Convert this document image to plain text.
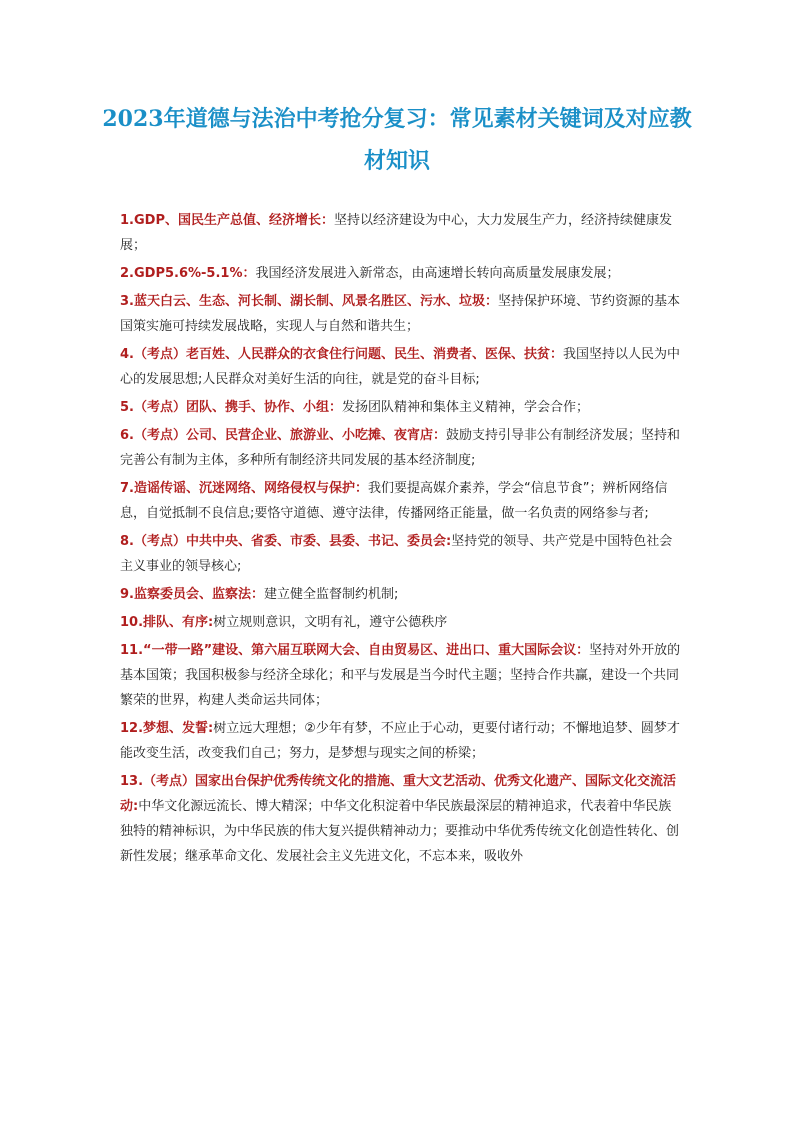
2023年道德与法治中考抢分复习：常见素材关键词及对应教材知识
1.GDP、国民生产总值、经济增长：坚持以经济建设为中心，大力发展生产力，经济持续健康发展；
2.GDP5.6%-5.1%：我国经济发展进入新常态，由高速增长转向高质量发展康发展；
3.蓝天白云、生态、河长制、湖长制、风景名胜区、污水、垃圾：坚持保护环境、节约资源的基本国策实施可持续发展战略，实现人与自然和谐共生；
4.（考点）老百姓、人民群众的衣食住行问题、民生、消费者、医保、扶贫：我国坚持以人民为中心的发展思想;人民群众对美好生活的向往，就是党的奋斗目标;
5.（考点）团队、携手、协作、小组：发扬团队精神和集体主义精神，学会合作；
6.（考点）公司、民营企业、旅游业、小吃摊、夜宵店：鼓励支持引导非公有制经济发展；坚持和完善公有制为主体，多种所有制经济共同发展的基本经济制度;
7.造谣传谣、沉迷网络、网络侵权与保护：我们要提高媒介素养，学会“信息节食”；辨析网络信息，自觉抵制不良信息;要恪守道德、遵守法律，传播网络正能量，做一名负责的网络参与者;
8.（考点）中共中央、省委、市委、县委、书记、委员会:坚持党的领导、共产党是中国特色社会主义事业的领导核心;
9.监察委员会、监察法：建立健全监督制约机制;
10.排队、有序:树立规则意识，文明有礼，遵守公德秩序
11.“一带一路”建设、第六届互联网大会、自由贸易区、进出口、重大国际会议：坚持对外开放的基本国策；我国积极参与经济全球化；和平与发展是当今时代主题；坚持合作共赢，建设一个共同繁荣的世界，构建人类命运共同体；
12.梦想、发誓:树立远大理想；②少年有梦，不应止于心动，更要付诸行动；不懈地追梦、圆梦才能改变生活，改变我们自己；努力，是梦想与现实之间的桥梁；
13.（考点）国家出台保护优秀传统文化的措施、重大文艺活动、优秀文化遗产、国际文化交流活动:中华文化源远流长、博大精深；中华文化积淀着中华民族最深层的精神追求，代表着中华民族独特的精神标识，为中华民族的伟大复兴提供精神动力；要推动中华优秀传统文化创造性转化、创新性发展；继承革命文化、发展社会主义先进文化，不忘本来，吸收外
